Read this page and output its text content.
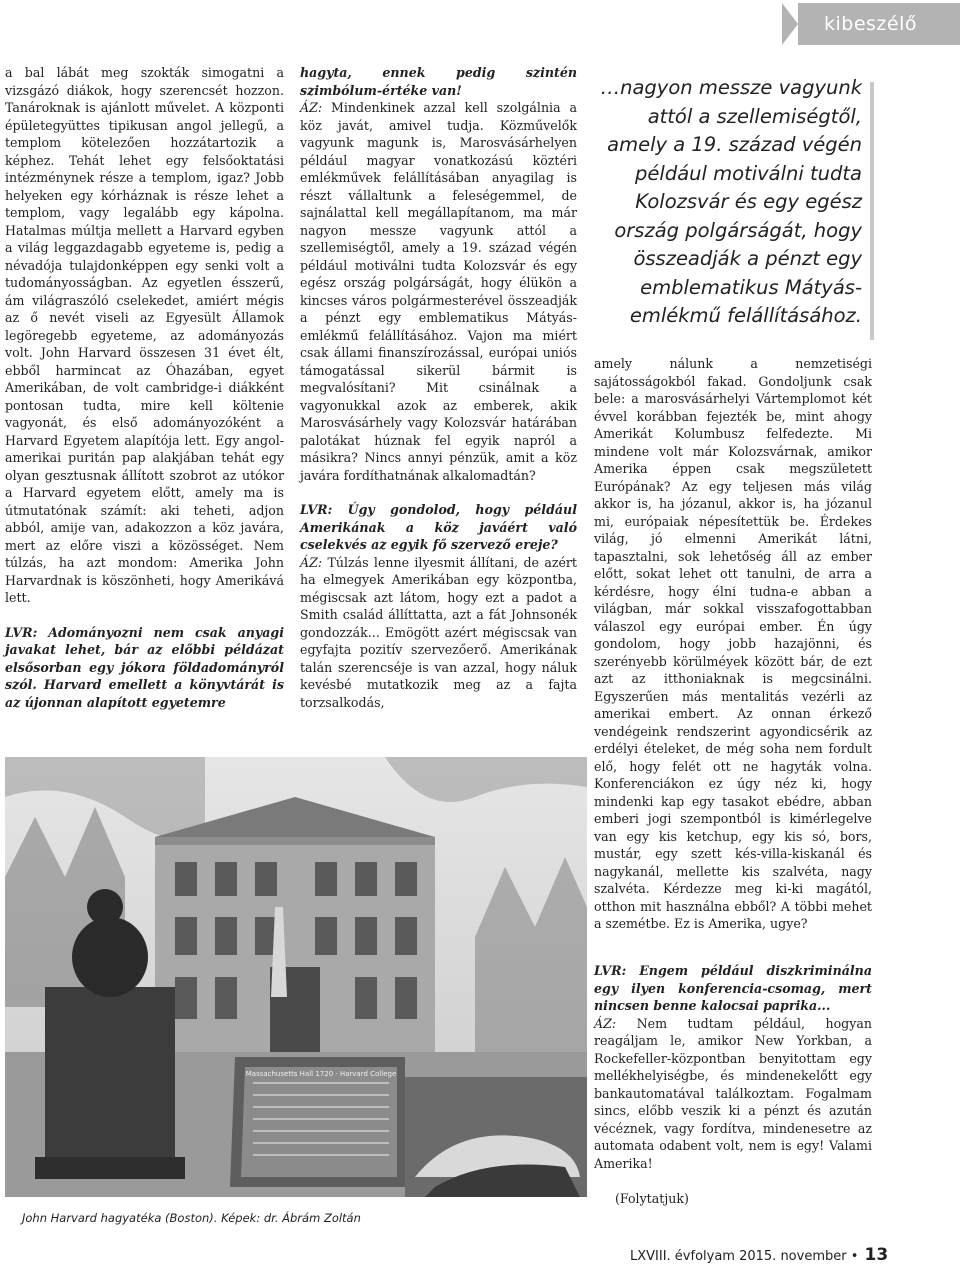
kibeszélő

a bal lábát meg szokták simogatni a vizsgázó diákok, hogy szerencsét hozzon. Tanároknak is ajánlott művelet. A központi épületegyüttes tipikusan angol jellegű, a templom kötelezően hozzátartozik a képhez. Tehát lehet egy felsőoktatási intézménynek része a templom, igaz? Jobb helyeken egy kórháznak is része lehet a templom, vagy legalább egy kápolna. Hatalmas múltja mellett a Harvard egyben a világ leggazdagabb egyeteme is, pedig a névadója tulajdonképpen egy senki volt a tudományosságban. Az egyetlen ésszerű, ám világraszóló cselekedet, amiért mégis az ő nevét viseli az Egyesült Államok legöregebb egyeteme, az adományozás volt. John Harvard összesen 31 évet élt, ebből harmincat az Óhazában, egyet Amerikában, de volt cambridge-i diákként pontosan tudta, mire kell költenie vagyonát, és első adományozóként a Harvard Egyetem alapítója lett. Egy angol-amerikai puritán pap alakjában tehát egy olyan gesztusnak állított szobrot az utókor a Harvard egyetem előtt, amely ma is útmutatónak számít: aki teheti, adjon abból, amije van, adakozzon a köz javára, mert az előre viszi a közösséget. Nem túlzás, ha azt mondom: Amerika John Harvardnak is köszönheti, hogy Amerikává lett.

LVR: Adományozni nem csak anyagi javakat lehet, bár az előbbi példázat elsősorban egy jókora földadományról szól. Harvard emellett a könyvtárát is az újonnan alapított egyetemre

hagyta, ennek pedig szintén szimbólum-értéke van!

ÁZ: Mindenkinek azzal kell szolgálnia a köz javát, amivel tudja. Közművelők vagyunk magunk is, Marosvásárhelyen például magyar vonatkozású köztéri emlékművek felállításában anyagilag is részt vállaltunk a feleségemmel, de sajnálattal kell megállapítanom, ma már nagyon messze vagyunk attól a szellemiségtől, amely a 19. század végén például motiválni tudta Kolozsvár és egy egész ország polgárságát, hogy élükön a kincses város polgármesterével összeadják a pénzt egy emblematikus Mátyás-emlékmű felállításához. Vajon ma miért csak állami finanszírozással, európai uniós támogatással sikerül bármit is megvalósítani? Mit csinálnak a vagyonukkal azok az emberek, akik Marosvásárhely vagy Kolozsvár határában palotákat húznak fel egyik napról a másikra? Nincs annyi pénzük, amit a köz javára fordíthatnának alkalomadtán?

LVR: Úgy gondolod, hogy például Amerikának a köz javáért való cselekvés az egyik fő szervező ereje?

ÁZ: Túlzás lenne ilyesmit állítani, de azért ha elmegyek Amerikában egy központba, mégiscsak azt látom, hogy ezt a padot a Smith család állíttatta, azt a fát Johnsonék gondozzák... Emögött azért mégiscsak van egyfajta pozitív szervezőerő. Amerikának talán szerencséje is van azzal, hogy náluk kevésbé mutatkozik meg az a fajta torzsalkodás,

…nagyon messze vagyunk attól a szellemiségtől, amely a 19. század végén például motiválni tudta Kolozsvár és egy egész ország polgárságát, hogy összeadják a pénzt egy emblematikus Mátyás-emlékmű felállításához.

amely nálunk a nemzetiségi sajátosságokból fakad. Gondoljunk csak bele: a marosvásárhelyi Vártemplomot két évvel korábban fejezték be, mint ahogy Amerikát Kolumbusz felfedezte. Mi mindene volt már Kolozsvárnak, amikor Amerika éppen csak megszületett Európának? Az egy teljesen más világ akkor is, ha józanul, akkor is, ha józanul mi, európaiak népesítettük be. Érdekes világ, jó elmenni Amerikát látni, tapasztalni, sok lehetőség áll az ember előtt, sokat lehet ott tanulni, de arra a kérdésre, hogy élni tudna-e abban a világban, már sokkal visszafogottabban válaszol egy európai ember. Én úgy gondolom, hogy jobb hazajönni, és szerényebb körülméyek között bár, de ezt azt az itthoniaknak is megcsinálni. Egyszerűen más mentalitás vezérli az amerikai embert. Az onnan érkező vendégeink rendszerint agyondicsérik az erdélyi ételeket, de még soha nem fordult elő, hogy felét ott ne hagyták volna. Konferenciákon ez úgy néz ki, hogy mindenki kap egy tasakot ebédre, abban emberi jogi szempontból is kimérlegelve van egy kis ketchup, egy kis só, bors, mustár, egy szett kés-villa-kiskanál és nagykanál, mellette kis szalvéta, nagy szalvéta. Kérdezze meg ki-ki magától, otthon mit használna ebből? A többi mehet a szemétbe. Ez is Amerika, ugye?

LVR: Engem például diszkriminálna egy ilyen konferencia-csomag, mert nincsen benne kalocsai paprika...

ÁZ: Nem tudtam például, hogyan reagáljam le, amikor New Yorkban, a Rockefeller-központban benyitottam egy mellékhelyiségbe, és mindenekelőtt egy bankautomatával találkoztam. Fogalmam sincs, előbb veszik ki a pénzt és azután vécéznek, vagy fordítva, mindenesetre az automata odabent volt, nem is egy! Valami Amerika!

(Folytatjuk)
Massachusetts Hall 1720 · Harvard College
John Harvard hagyatéka (Boston). Képek: dr. Ábrám Zoltán
LXVIII. évfolyam 2015. november • 13
